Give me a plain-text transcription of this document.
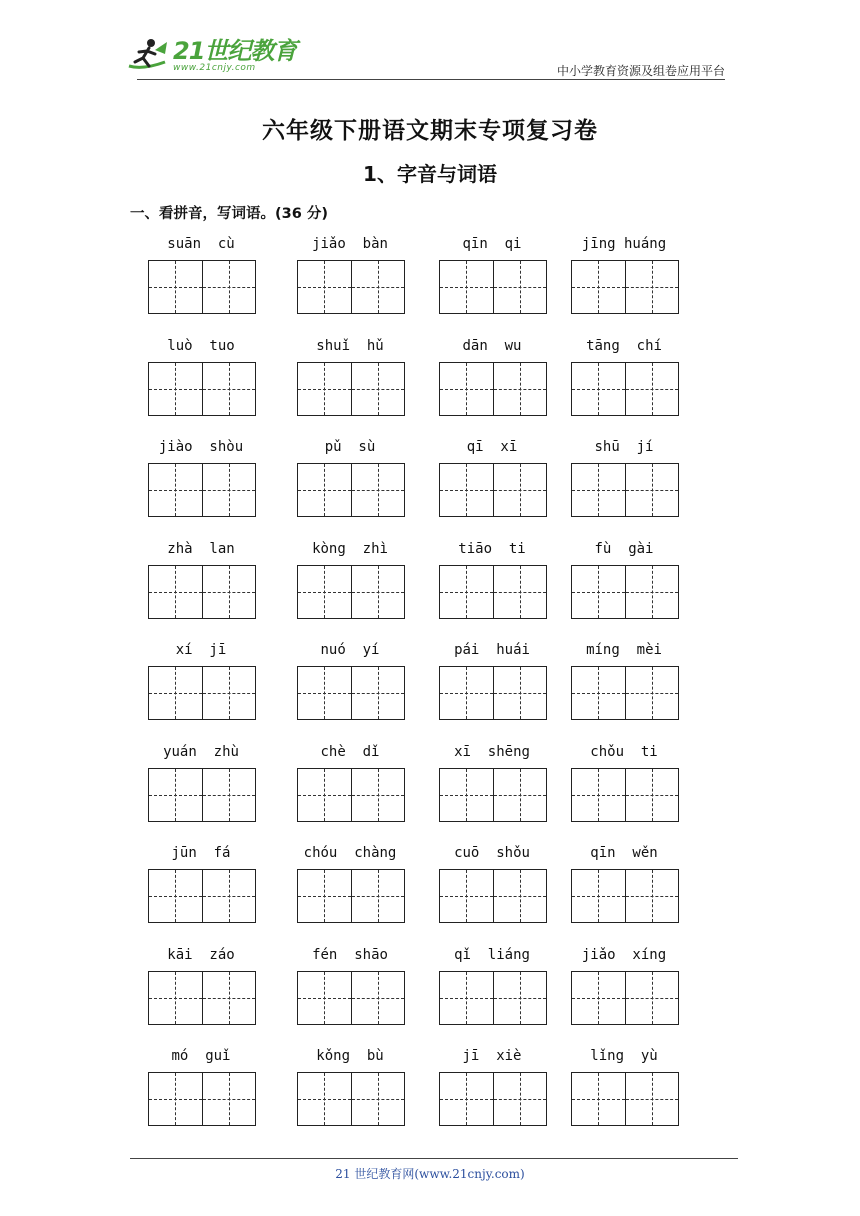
21世纪教育
www.21cnjy.com	中小学教育资源及组卷应用平台
六年级下册语文期末专项复习卷
1、字音与词语
一、看拼音，写词语。(36 分)
suān  cù	jiǎo  bàn	qīn  qi	jīng huáng
luò  tuo	shuǐ  hǔ	dān  wu	tāng  chí
jiào  shòu	pǔ  sù	qī  xī	shū  jí
zhà  lan	kòng  zhì	tiāo  ti	fù  gài
xí  jī	nuó  yí	pái  huái	míng  mèi
yuán  zhù	chè  dǐ	xī  shēng	chǒu  ti
jūn  fá	chóu  chàng	cuō  shǒu	qīn  wěn
kāi  záo	fén  shāo	qǐ  liáng	jiǎo  xíng
mó  guǐ	kǒng  bù	jī  xiè	lǐng  yù
21 世纪教育网(www.21cnjy.com)
